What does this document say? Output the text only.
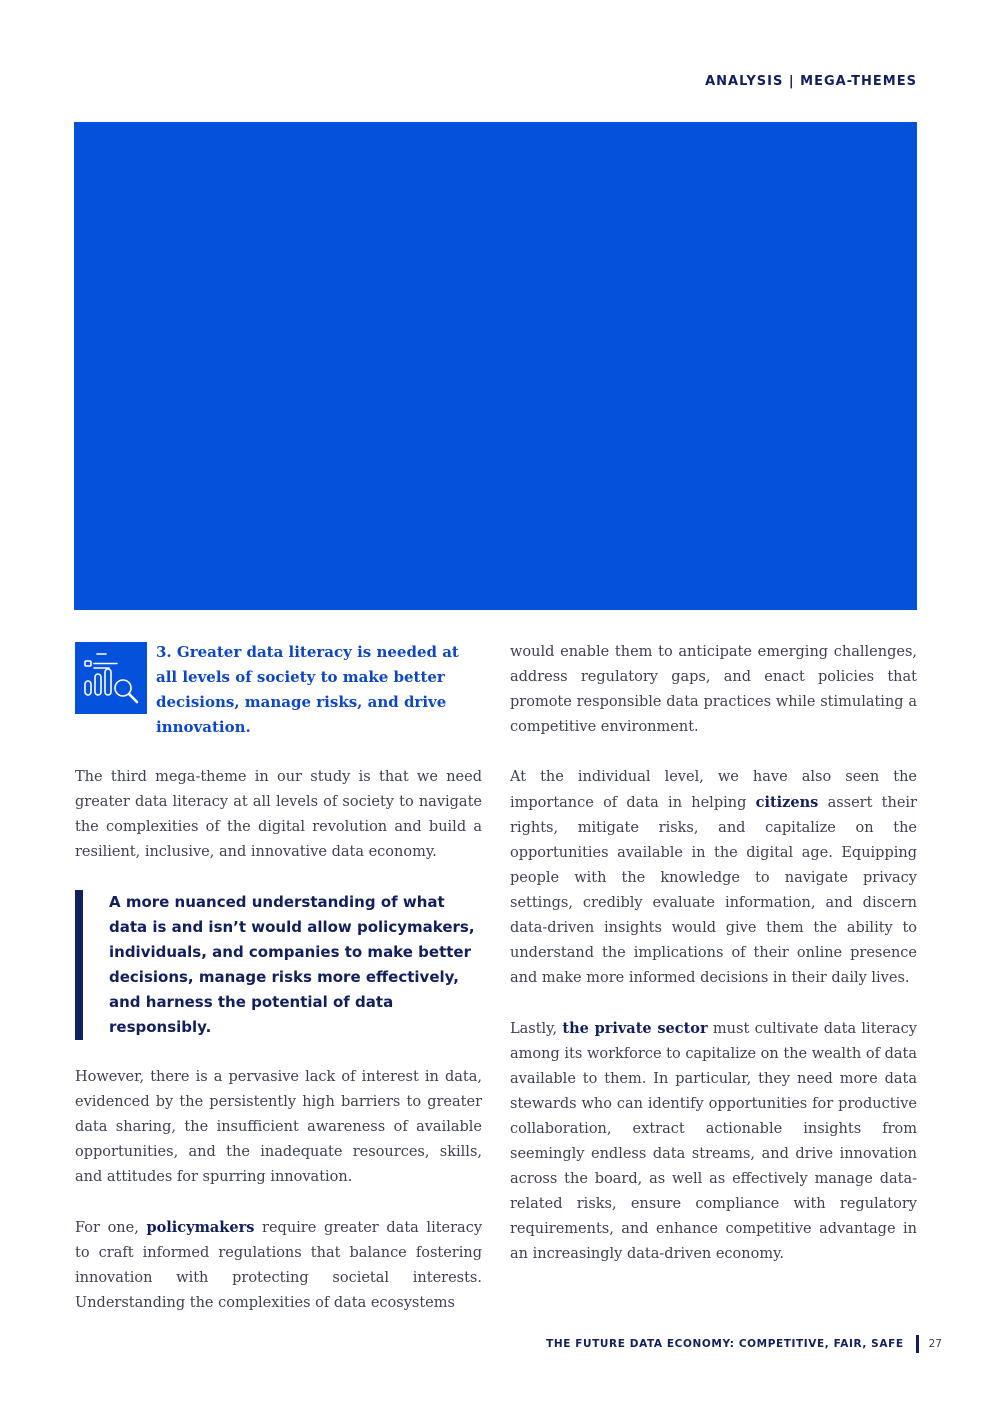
ANALYSIS | MEGA-THEMES

3. Greater data literacy is needed at all levels of society to make better decisions, manage risks, and drive innovation.

The third mega-theme in our study is that we need greater data literacy at all levels of society to navigate the complexities of the digital revolution and build a resilient, inclusive, and innovative data economy.

A more nuanced understanding of what data is and isn’t would allow policymakers, individuals, and companies to make better decisions, manage risks more effectively, and harness the potential of data responsibly.

However, there is a pervasive lack of interest in data, evidenced by the persistently high barriers to greater data sharing, the insufficient awareness of available opportunities, and the inadequate resources, skills, and attitudes for spurring innovation.

For one, policymakers require greater data literacy to craft informed regulations that balance fostering innovation with protecting societal interests. Understanding the complexities of data ecosystems

would enable them to anticipate emerging challenges, address regulatory gaps, and enact policies that promote responsible data practices while stimulating a competitive environment.

At the individual level, we have also seen the importance of data in helping citizens assert their rights, mitigate risks, and capitalize on the opportunities available in the digital age. Equipping people with the knowledge to navigate privacy settings, credibly evaluate information, and discern data-driven insights would give them the ability to understand the implications of their online presence and make more informed decisions in their daily lives.

Lastly, the private sector must cultivate data literacy among its workforce to capitalize on the wealth of data available to them. In particular, they need more data stewards who can identify opportunities for productive collaboration, extract actionable insights from seemingly endless data streams, and drive innovation across the board, as well as effectively manage data-related risks, ensure compliance with regulatory requirements, and enhance competitive advantage in an increasingly data-driven economy.

THE FUTURE DATA ECONOMY: COMPETITIVE, FAIR, SAFE 27
